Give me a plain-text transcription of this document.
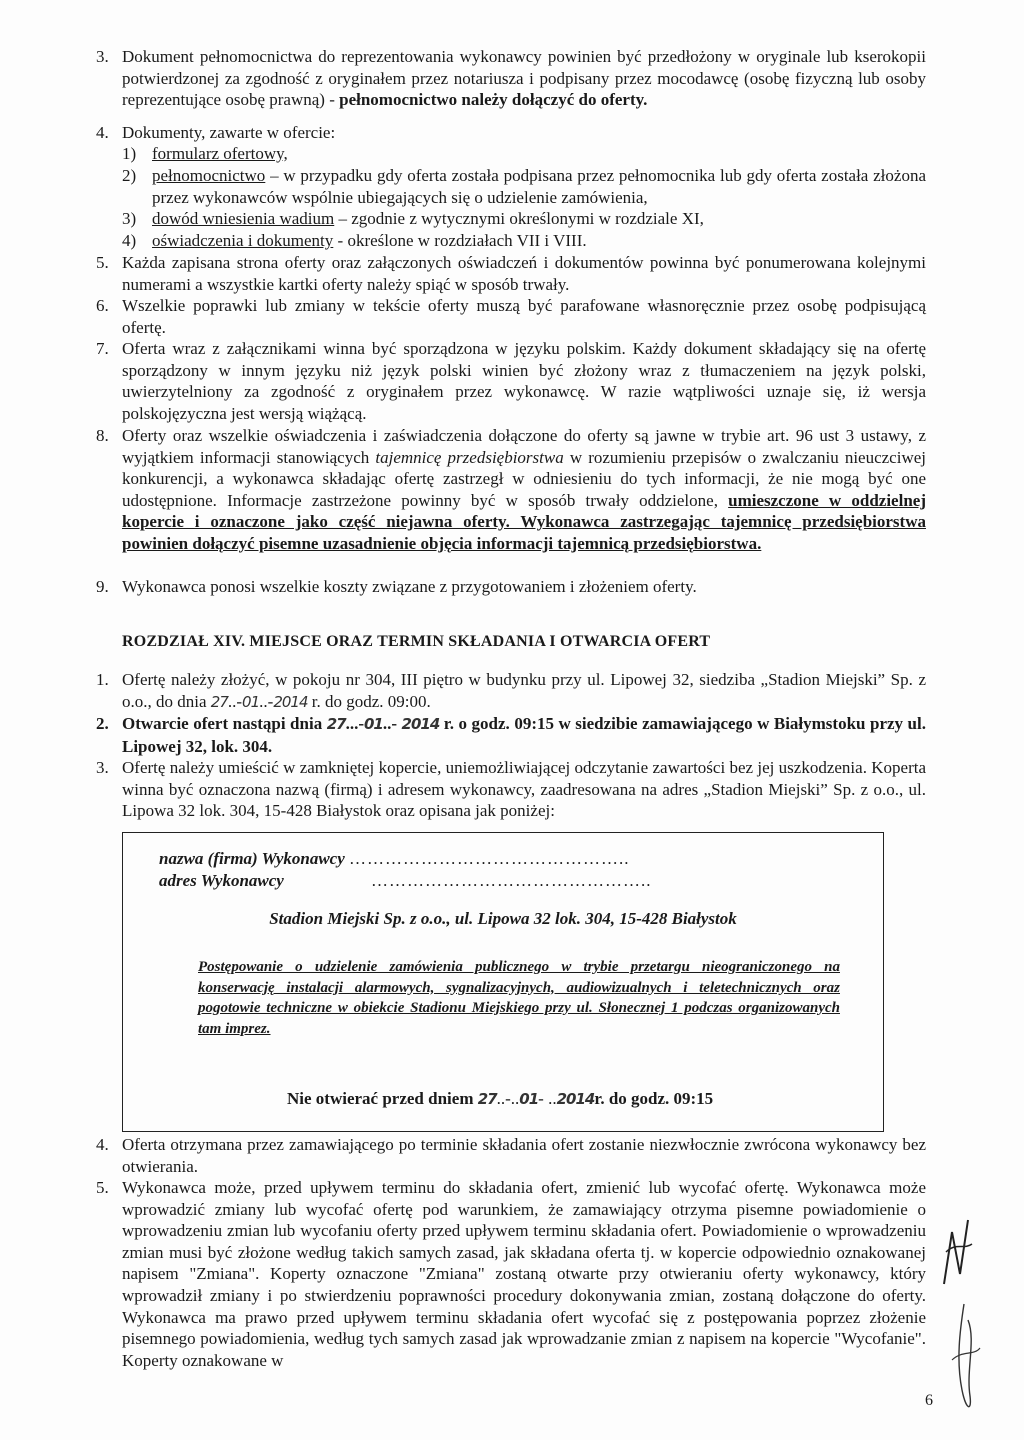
3. Dokument pełnomocnictwa do reprezentowania wykonawcy powinien być przedłożony w oryginale lub kserokopii potwierdzonej za zgodność z oryginałem przez notariusza i podpisany przez mocodawcę (osobę fizyczną lub osoby reprezentujące osobę prawną) - pełnomocnictwo należy dołączyć do oferty.
4. Dokumenty, zawarte w ofercie:
1) formularz ofertowy,
2) pełnomocnictwo – w przypadku gdy oferta została podpisana przez pełnomocnika lub gdy oferta została złożona przez wykonawców wspólnie ubiegających się o udzielenie zamówienia,
3) dowód wniesienia wadium – zgodnie z wytycznymi określonymi w rozdziale XI,
4) oświadczenia i dokumenty - określone w rozdziałach VII i VIII.
5. Każda zapisana strona oferty oraz załączonych oświadczeń i dokumentów powinna być ponumerowana kolejnymi numerami a wszystkie kartki oferty należy spiąć w sposób trwały.
6. Wszelkie poprawki lub zmiany w tekście oferty muszą być parafowane własnoręcznie przez osobę podpisującą ofertę.
7. Oferta wraz z załącznikami winna być sporządzona w języku polskim. Każdy dokument składający się na ofertę sporządzony w innym języku niż język polski winien być złożony wraz z tłumaczeniem na język polski, uwierzytelniony za zgodność z oryginałem przez wykonawcę. W razie wątpliwości uznaje się, iż wersja polskojęzyczna jest wersją wiążącą.
8. Oferty oraz wszelkie oświadczenia i zaświadczenia dołączone do oferty są jawne w trybie art. 96 ust 3 ustawy, z wyjątkiem informacji stanowiących tajemnicę przedsiębiorstwa w rozumieniu przepisów o zwalczaniu nieuczciwej konkurencji, a wykonawca składając ofertę zastrzegł w odniesieniu do tych informacji, że nie mogą być one udostępnione. Informacje zastrzeżone powinny być w sposób trwały oddzielone, umieszczone w oddzielnej kopercie i oznaczone jako część niejawna oferty. Wykonawca zastrzegając tajemnicę przedsiębiorstwa powinien dołączyć pisemne uzasadnienie objęcia informacji tajemnicą przedsiębiorstwa.
9. Wykonawca ponosi wszelkie koszty związane z przygotowaniem i złożeniem oferty.
ROZDZIAŁ XIV. MIEJSCE ORAZ TERMIN SKŁADANIA I OTWARCIA OFERT
1. Ofertę należy złożyć, w pokoju nr 304, III piętro w budynku przy ul. Lipowej 32, siedziba „Stadion Miejski” Sp. z o.o., do dnia 27..-01..-2014 r. do godz. 09:00.
2. Otwarcie ofert nastąpi dnia 27...-01..- 2014 r. o godz. 09:15 w siedzibie zamawiającego w Białymstoku przy ul. Lipowej 32, lok. 304.
3. Ofertę należy umieścić w zamkniętej kopercie, uniemożliwiającej odczytanie zawartości bez jej uszkodzenia. Koperta winna być oznaczona nazwą (firmą) i adresem wykonawcy, zaadresowana na adres „Stadion Miejski” Sp. z o.o., ul. Lipowa 32 lok. 304, 15-428 Białystok oraz opisana jak poniżej:
nazwa (firma) Wykonawcy ………………………………………..
adres Wykonawcy	………………………………………..
Stadion Miejski Sp. z o.o., ul. Lipowa 32 lok. 304, 15-428 Białystok
Postępowanie o udzielenie zamówienia publicznego w trybie przetargu nieograniczonego na konserwację instalacji alarmowych, sygnalizacyjnych, audiowizualnych i teletechnicznych oraz pogotowie techniczne w obiekcie Stadionu Miejskiego przy ul. Słonecznej 1 podczas organizowanych tam imprez.
Nie otwierać przed dniem 27..-..01- ..2014r. do godz. 09:15
4. Oferta otrzymana przez zamawiającego po terminie składania ofert zostanie niezwłocznie zwrócona wykonawcy bez otwierania.
5. Wykonawca może, przed upływem terminu do składania ofert, zmienić lub wycofać ofertę. Wykonawca może wprowadzić zmiany lub wycofać ofertę pod warunkiem, że zamawiający otrzyma pisemne powiadomienie o wprowadzeniu zmian lub wycofaniu oferty przed upływem terminu składania ofert. Powiadomienie o wprowadzeniu zmian musi być złożone według takich samych zasad, jak składana oferta tj. w kopercie odpowiednio oznakowanej napisem "Zmiana". Koperty oznaczone "Zmiana" zostaną otwarte przy otwieraniu oferty wykonawcy, który wprowadził zmiany i po stwierdzeniu poprawności procedury dokonywania zmian, zostaną dołączone do oferty. Wykonawca ma prawo przed upływem terminu składania ofert wycofać się z postępowania poprzez złożenie pisemnego powiadomienia, według tych samych zasad jak wprowadzanie zmian z napisem na kopercie "Wycofanie". Koperty oznakowane w
6
